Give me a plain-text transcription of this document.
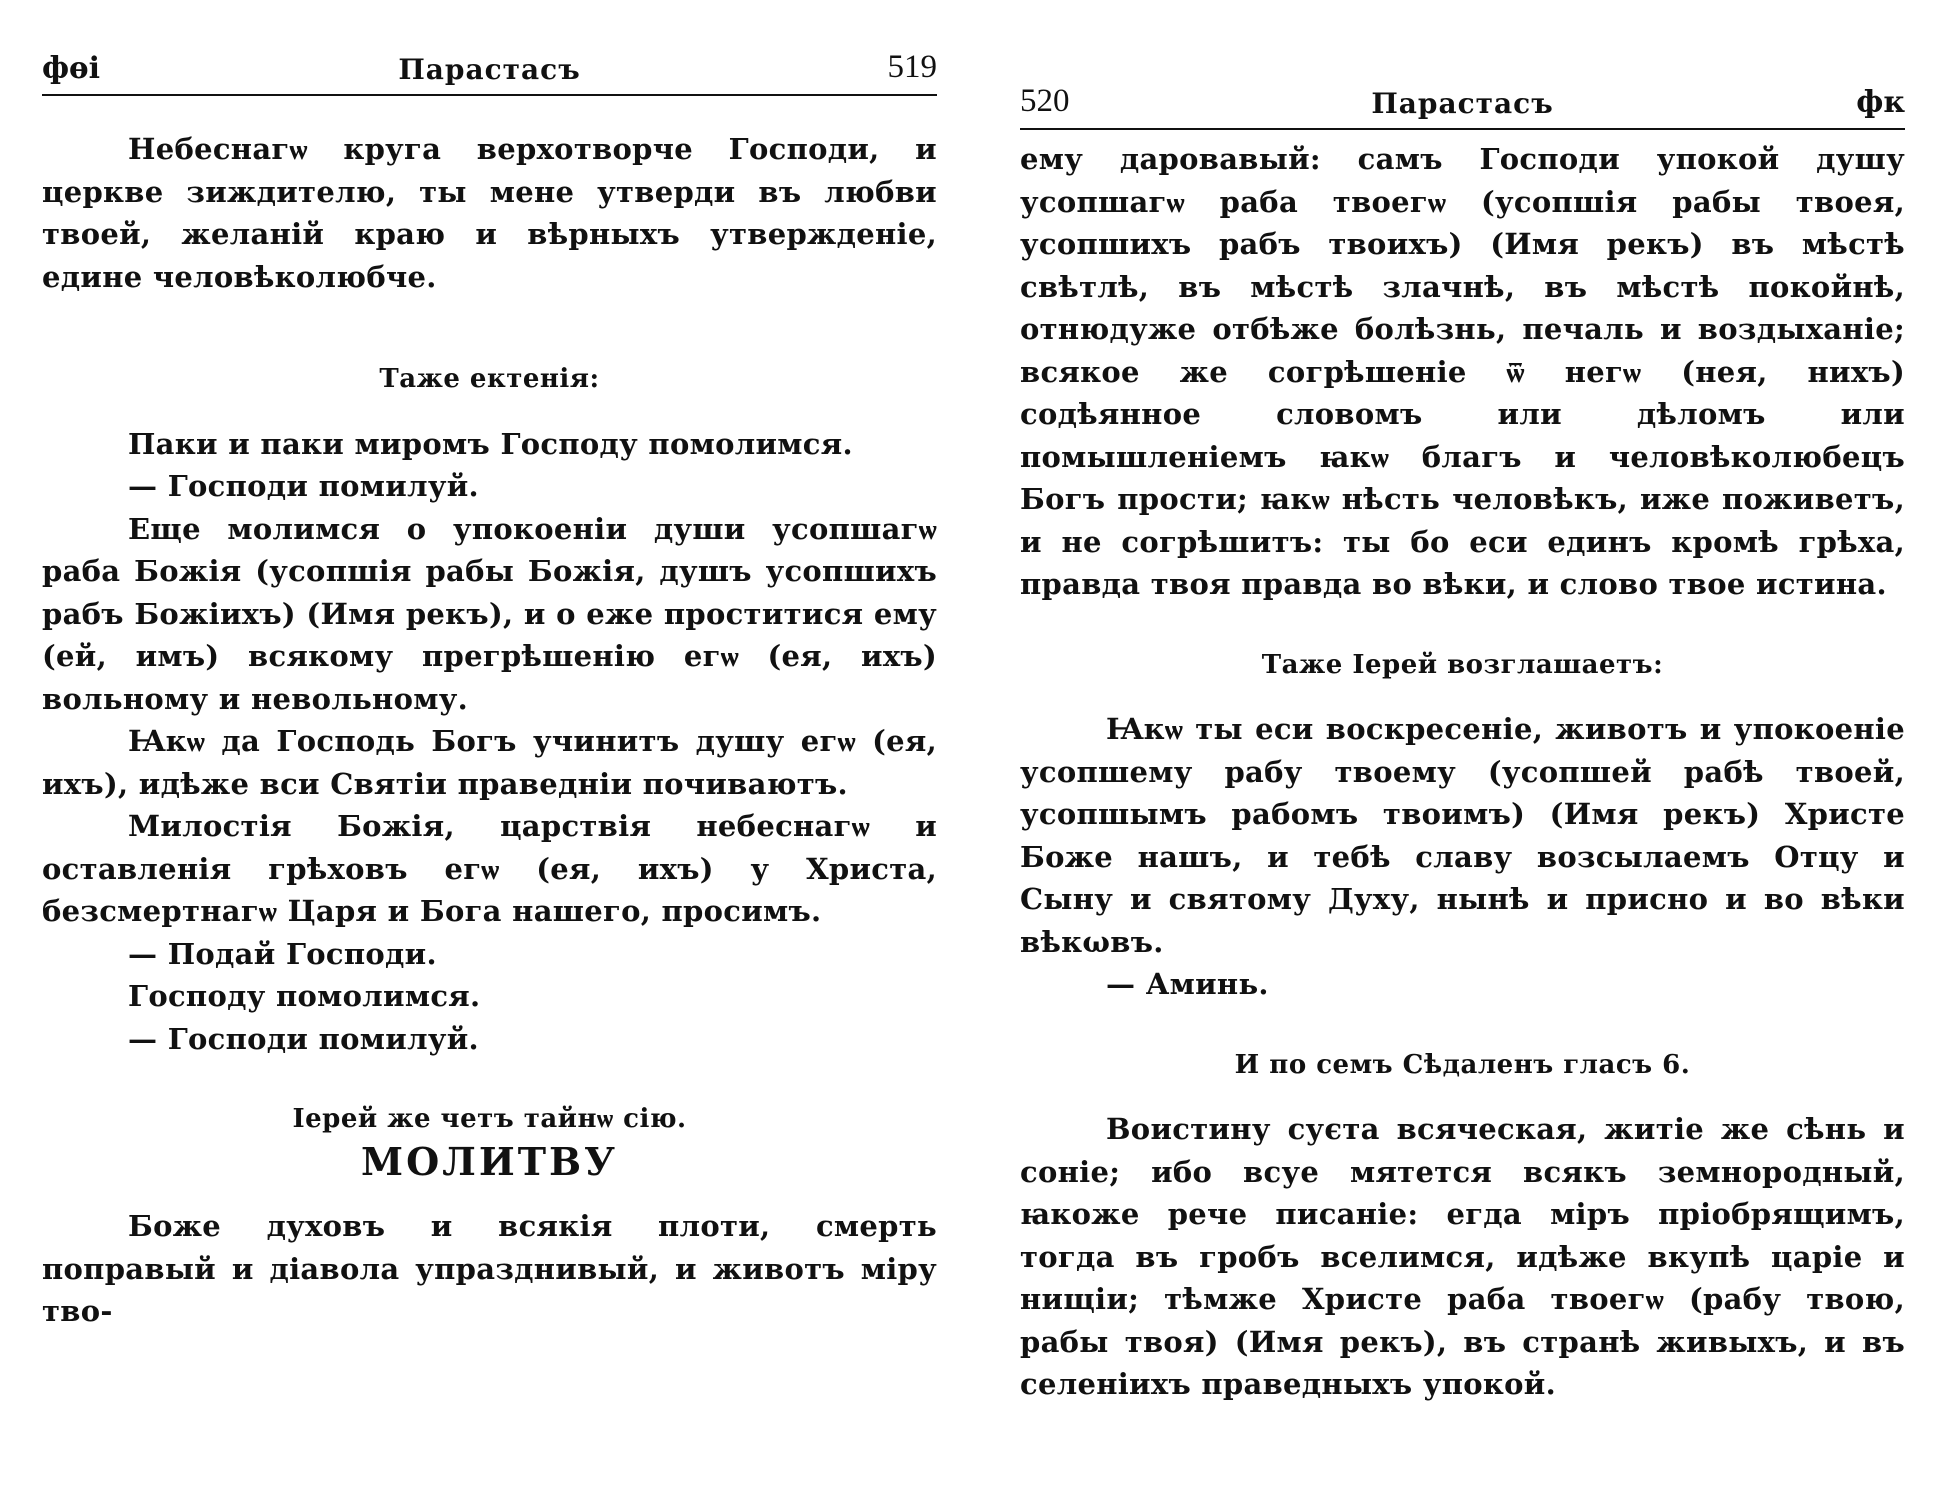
фѳі	Парастасъ	519

Небеснагѡ кругa верхотворче Господи, и церкве зиждителю, ты мене утверди въ любви твоей, желаній краю и вѣрныхъ утвержденіе, едине человѣколюбче.

Таже ектенія:

Паки и паки миромъ Господу помолимся.

— Господи помилуй.

Еще молимся о упокоеніи души усопшагѡ раба Божія (усопшія рабы Божія, душъ усопшихъ рабъ Божіихъ) (Имя рекъ), и о еже проститися ему (ей, имъ) всякому прегрѣшенію егѡ (ея, ихъ) вольному и невольному.

Ꙗкѡ да Господь Богъ учинитъ душу егѡ (ея, ихъ), идѣже вси Святіи праведніи почиваютъ.

Милостія Божія, царствія небеснагѡ и оставленія грѣховъ егѡ (ея, ихъ) у Христа, безсмертнагѡ Царя и Бога нашего, просимъ.

— Подай Господи.

Господу помолимся.

— Господи помилуй.

Іерей же четъ тайнѡ сію.
МОЛИТВУ

Боже духовъ и всякія плоти, смерть поправый и діавола упразднивый, и животъ міру тво-

520	Парастасъ	фк

ему даровавый: самъ Господи упокой душу усопшагѡ раба твоегѡ (усопшія рабы твоея, усопшихъ рабъ твоихъ) (Имя рекъ) въ мѣстѣ свѣтлѣ, въ мѣстѣ злачнѣ, въ мѣстѣ покойнѣ, отнюдуже отбѣже болѣзнь, печаль и воздыханіе; всякое же согрѣшеніе ѿ негѡ (нея, нихъ) содѣянное словомъ или дѣломъ или помышленіемъ ꙗкѡ благъ и человѣколюбецъ Богъ прости; ꙗкѡ нѣсть человѣкъ, иже поживетъ, и не согрѣшитъ: ты бо еси единъ кромѣ грѣха, правда твоя правда во вѣки, и слово твое истина.

Таже Іерей возглашаетъ:

Ꙗкѡ ты еси воскресеніе, животъ и упокоеніе усопшему рабу твоему (усопшей рабѣ твоей, усопшымъ рабомъ твоимъ) (Имя рекъ) Христе Боже нашъ, и тебѣ славу возсылаемъ Отцу и Сыну и святому Духу, нынѣ и присно и во вѣки вѣкωвъ.

— Аминь.

И по семъ Сѣдаленъ гласъ 6.

Воистину суєта всяческая, житіе же сѣнь и соніе; ибо всуе мятется всякъ земнородный, ꙗкоже рече писаніе: егда міръ пріобрящимъ, тогда въ гробъ вселимся, идѣже вкупѣ царіе и нищіи; тѣмже Христе раба твоегѡ (рабу твою, рабы твоя) (Имя рекъ), въ странѣ живыхъ, и въ селеніихъ праведныхъ упокой.
